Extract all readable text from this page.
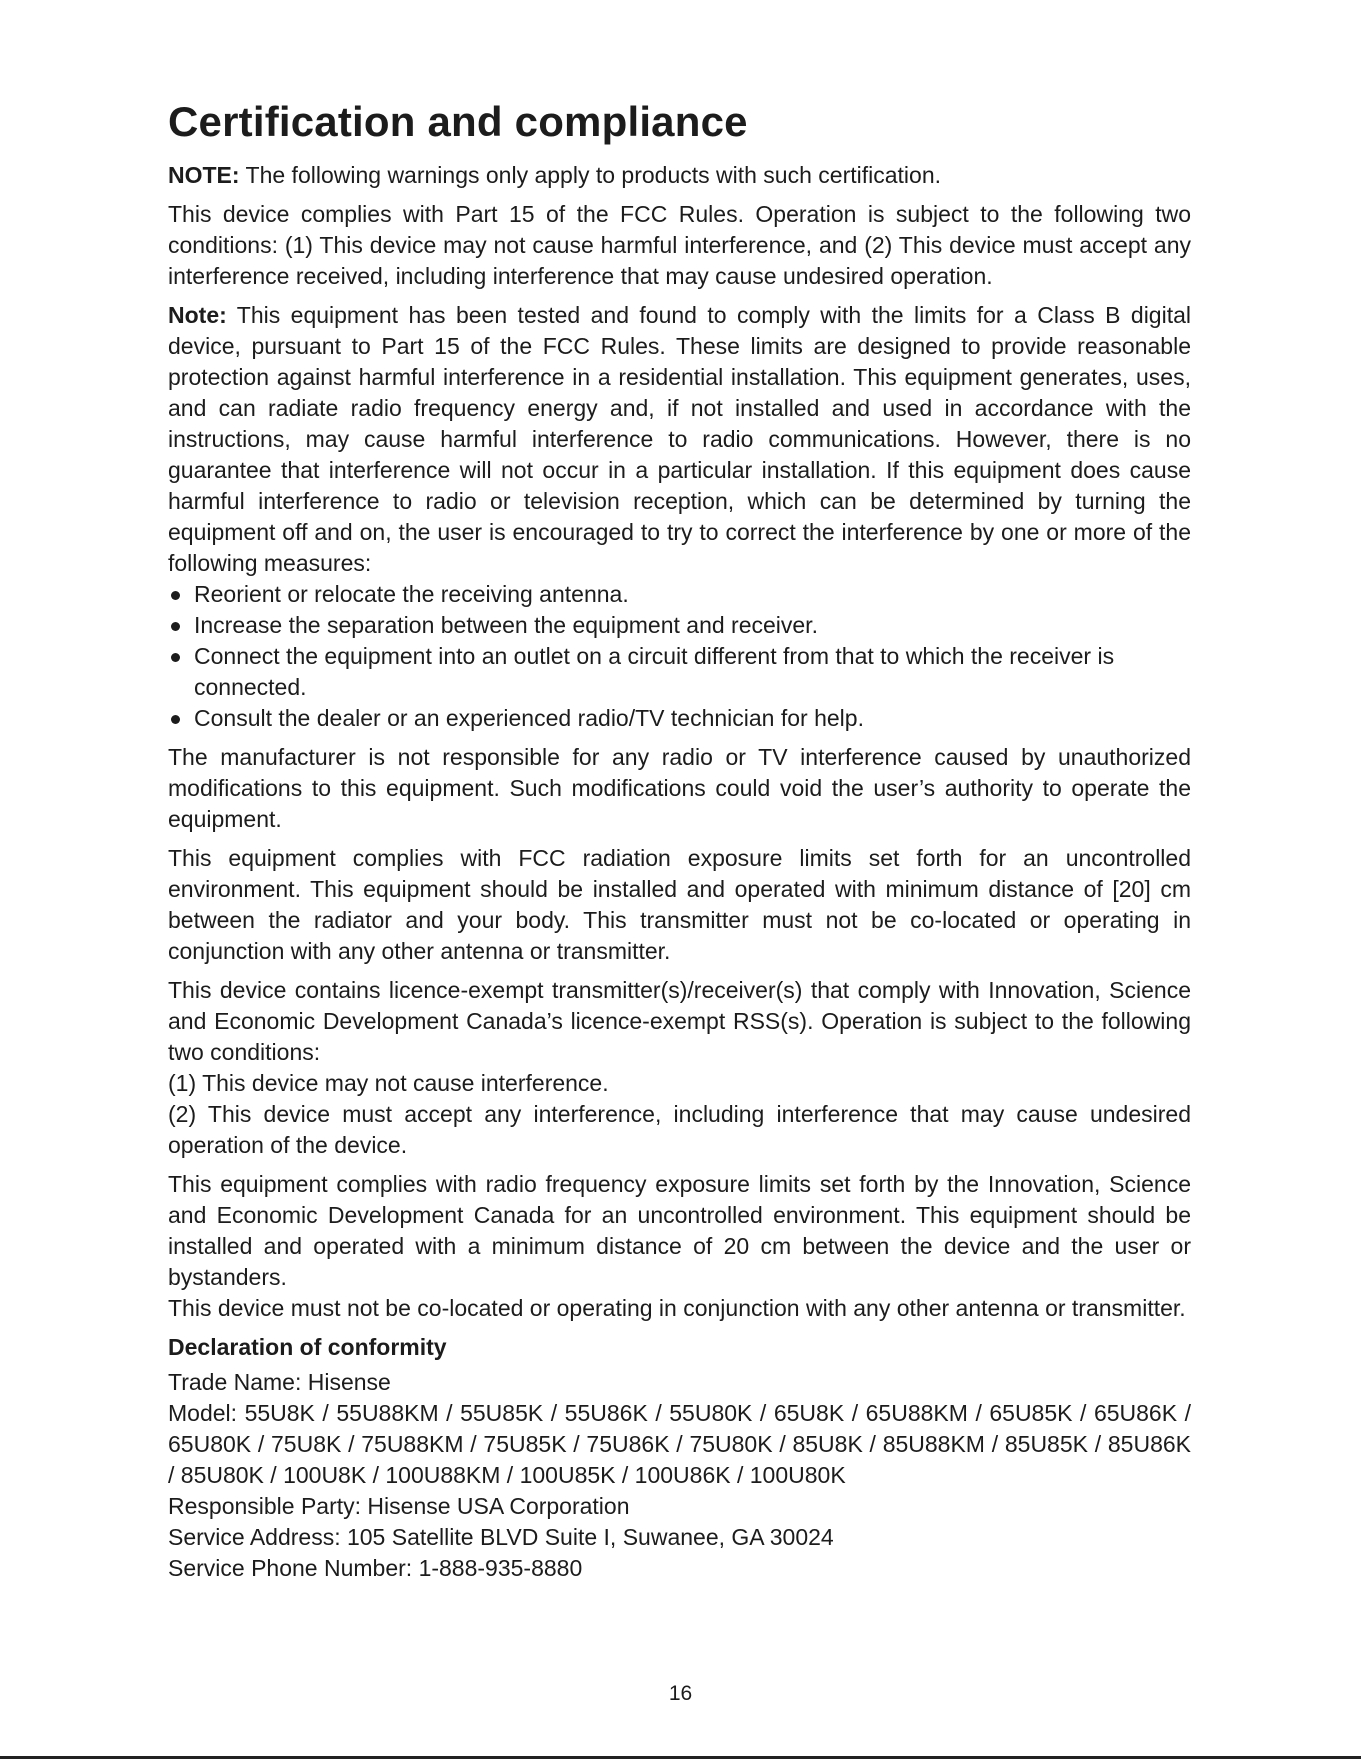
Certification and compliance

NOTE: The following warnings only apply to products with such certification.

This device complies with Part 15 of the FCC Rules. Operation is subject to the following two conditions: (1) This device may not cause harmful interference, and (2) This device must accept any interference received, including interference that may cause undesired operation.

Note: This equipment has been tested and found to comply with the limits for a Class B digital device, pursuant to Part 15 of the FCC Rules. These limits are designed to provide reasonable protection against harmful interference in a residential installation. This equipment generates, uses, and can radiate radio frequency energy and, if not installed and used in accordance with the instructions, may cause harmful interference to radio communications. However, there is no guarantee that interference will not occur in a particular installation. If this equipment does cause harmful interference to radio or television reception, which can be determined by turning the equipment off and on, the user is encouraged to try to correct the interference by one or more of the following measures:

Reorient or relocate the receiving antenna.
Increase the separation between the equipment and receiver.
Connect the equipment into an outlet on a circuit different from that to which the receiver is connected.
Consult the dealer or an experienced radio/TV technician for help.

The manufacturer is not responsible for any radio or TV interference caused by unauthorized modifications to this equipment. Such modifications could void the user’s authority to operate the equipment.

This equipment complies with FCC radiation exposure limits set forth for an uncontrolled environment. This equipment should be installed and operated with minimum distance of [20] cm between the radiator and your body. This transmitter must not be co-located or operating in conjunction with any other antenna or transmitter.

This device contains licence-exempt transmitter(s)/receiver(s) that comply with Innovation, Science and Economic Development Canada’s licence-exempt RSS(s). Operation is subject to the following two conditions:

(1) This device may not cause interference.

(2) This device must accept any interference, including interference that may cause undesired operation of the device.

This equipment complies with radio frequency exposure limits set forth by the Innovation, Science and Economic Development Canada for an uncontrolled environment. This equipment should be installed and operated with a minimum distance of 20 cm between the device and the user or bystanders.

This device must not be co-located or operating in conjunction with any other antenna or transmitter.

Declaration of conformity

Trade Name: Hisense

Model: 55U8K / 55U88KM / 55U85K / 55U86K / 55U80K / 65U8K / 65U88KM / 65U85K / 65U86K / 65U80K / 75U8K / 75U88KM / 75U85K / 75U86K / 75U80K / 85U8K / 85U88KM / 85U85K / 85U86K / 85U80K / 100U8K / 100U88KM / 100U85K / 100U86K / 100U80K

Responsible Party: Hisense USA Corporation

Service Address: 105 Satellite BLVD Suite I, Suwanee, GA 30024

Service Phone Number: 1-888-935-8880

16
